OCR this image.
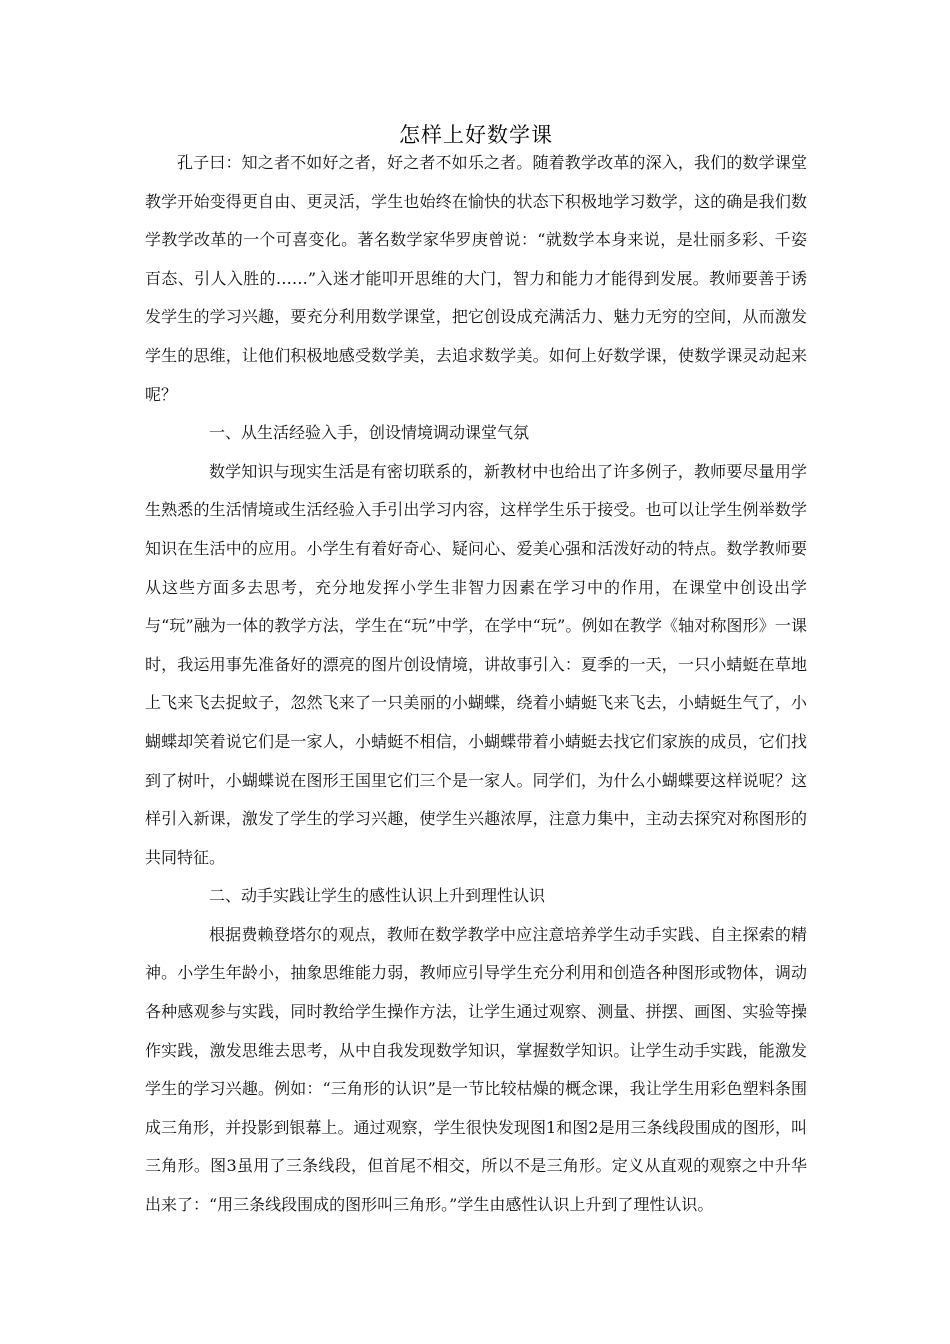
怎样上好数学课

孔子曰：知之者不如好之者，好之者不如乐之者。随着教学改革的深入，我们的数学课堂教学开始变得更自由、更灵活，学生也始终在愉快的状态下积极地学习数学，这的确是我们数学教学改革的一个可喜变化。著名数学家华罗庚曾说：“就数学本身来说，是壮丽多彩、千姿百态、引人入胜的……”入迷才能叩开思维的大门，智力和能力才能得到发展。教师要善于诱发学生的学习兴趣，要充分利用数学课堂，把它创设成充满活力、魅力无穷的空间，从而激发学生的思维，让他们积极地感受数学美，去追求数学美。如何上好数学课，使数学课灵动起来呢？

一、从生活经验入手，创设情境调动课堂气氛

数学知识与现实生活是有密切联系的，新教材中也给出了许多例子，教师要尽量用学生熟悉的生活情境或生活经验入手引出学习内容，这样学生乐于接受。也可以让学生例举数学知识在生活中的应用。小学生有着好奇心、疑问心、爱美心强和活泼好动的特点。数学教师要从这些方面多去思考，充分地发挥小学生非智力因素在学习中的作用，在课堂中创设出学与“玩”融为一体的教学方法，学生在“玩”中学，在学中“玩”。例如在教学《轴对称图形》一课时，我运用事先准备好的漂亮的图片创设情境，讲故事引入：夏季的一天，一只小蜻蜓在草地上飞来飞去捉蚊子，忽然飞来了一只美丽的小蝴蝶，绕着小蜻蜓飞来飞去，小蜻蜓生气了，小蝴蝶却笑着说它们是一家人，小蜻蜓不相信，小蝴蝶带着小蜻蜓去找它们家族的成员，它们找到了树叶，小蝴蝶说在图形王国里它们三个是一家人。同学们，为什么小蝴蝶要这样说呢？这样引入新课，激发了学生的学习兴趣，使学生兴趣浓厚，注意力集中，主动去探究对称图形的共同特征。

二、动手实践让学生的感性认识上升到理性认识

根据费赖登塔尔的观点，教师在数学教学中应注意培养学生动手实践、自主探索的精神。小学生年龄小，抽象思维能力弱，教师应引导学生充分利用和创造各种图形或物体，调动各种感观参与实践，同时教给学生操作方法，让学生通过观察、测量、拼摆、画图、实验等操作实践，激发思维去思考，从中自我发现数学知识，掌握数学知识。让学生动手实践，能激发学生的学习兴趣。例如：“三角形的认识”是一节比较枯燥的概念课，我让学生用彩色塑料条围成三角形，并投影到银幕上。通过观察，学生很快发现图1和图2是用三条线段围成的图形，叫三角形。图3虽用了三条线段，但首尾不相交，所以不是三角形。定义从直观的观察之中升华出来了：“用三条线段围成的图形叫三角形。”学生由感性认识上升到了理性认识。
